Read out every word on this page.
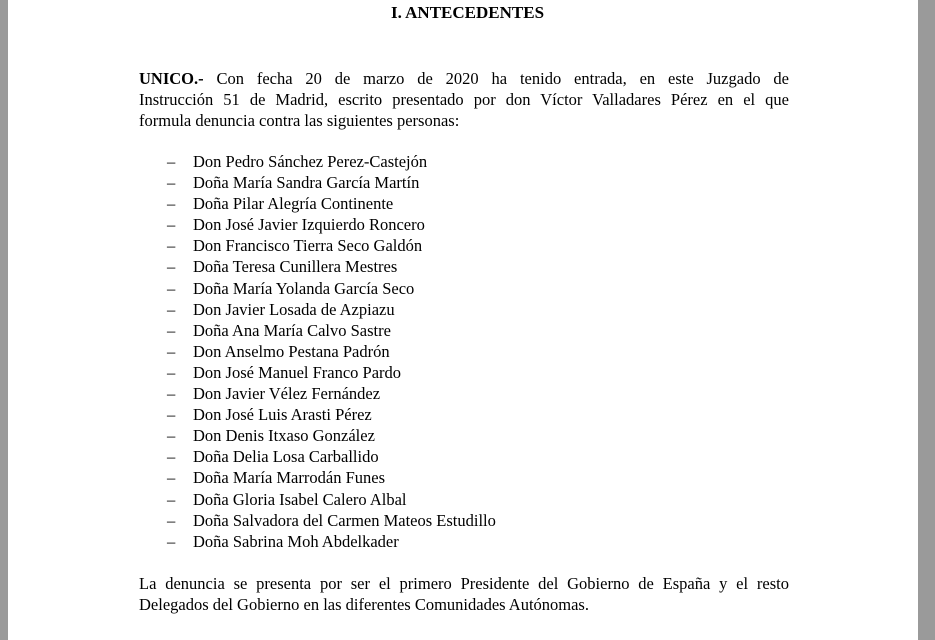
I. ANTECEDENTES
UNICO.- Con fecha 20 de marzo de 2020 ha tenido entrada, en este Juzgado de
Instrucción 51 de Madrid, escrito presentado por don Víctor Valladares Pérez en el que
formula denuncia contra las siguientes personas:
– Don Pedro Sánchez Perez-Castejón
– Doña María Sandra García Martín
– Doña Pilar Alegría Continente
– Don José Javier Izquierdo Roncero
– Don Francisco Tierra Seco Galdón
– Doña Teresa Cunillera Mestres
– Doña María Yolanda García Seco
– Don Javier Losada de Azpiazu
– Doña Ana María Calvo Sastre
– Don Anselmo Pestana Padrón
– Don José Manuel Franco Pardo
– Don Javier Vélez Fernández
– Don José Luis Arasti Pérez
– Don Denis Itxaso González
– Doña Delia Losa Carballido
– Doña María Marrodán Funes
– Doña Gloria Isabel Calero Albal
– Doña Salvadora del Carmen Mateos Estudillo
– Doña Sabrina Moh Abdelkader
La denuncia se presenta por ser el primero Presidente del Gobierno de España y el resto
Delegados del Gobierno en las diferentes Comunidades Autónomas.
